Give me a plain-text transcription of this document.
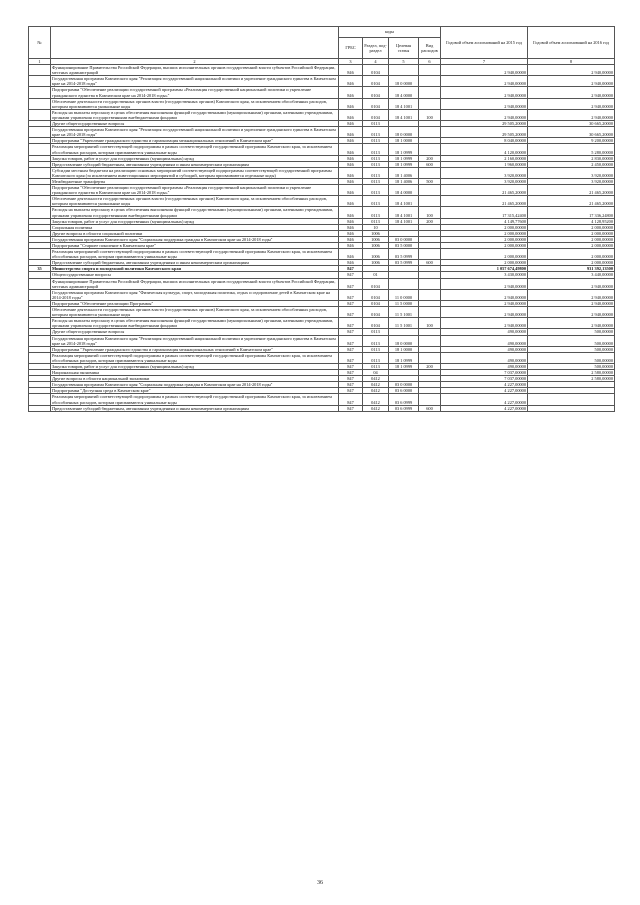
№		коды				Годовой объем ассигнований на 2015 год	Годовой объем ассигнований на 2016 год
		ГРБС	Раздел, под-раздел	Целевая статья	Вид расходов		
1	2	3	4	5	6	7	8
	Функционирование Правительства Российской Федерации, высших исполнительных органов государственной власти субъектов Российской Федерации, местных администраций	846	0104			2 940,00000	2 940,00000
	Государственная программа Камчатского края "Реализация государственной национальной политики и укрепление гражданского единства в Камчатском крае на 2014-2018 годы"	846	0104	18 0 0000		2 940,00000	2 940,00000
	Подпрограмма "Обеспечение реализации государственной программы «Реализация государственной национальной политики и укрепление гражданского единства в Камчатском крае на 2014-2018 годы»"	846	0104	18 4 0000		2 940,00000	2 940,00000
	Обеспечение деятельности государственных органов власти (государственных органов) Камчатского края, за исключением обособленных расходов, которым присваиваются уникальные коды	846	0104	18 4 1001		2 940,00000	2 940,00000
	Расходы на выплаты персоналу в целях обеспечения выполнения функций государственными (муниципальными) органами, казенными учреждениями, органами управления государственными внебюджетными фондами	846	0104	18 4 1001	100	2 940,00000	2 940,00000
	Другие общегосударственные вопросы	846	0113			29 505,20000	30 665,20000
	Государственная программа Камчатского края "Реализация государственной национальной политики и укрепление гражданского единства в Камчатском крае на 2014-2018 годы"	846	0113	18 0 0000		29 505,20000	30 665,20000
	Подпрограмма "Укрепление гражданского единства и гармонизация межнациональных отношений в Камчатском крае"	846	0113	18 1 0000		8 040,00000	9 200,00000
	Реализация мероприятий соответствующей подпрограммы в рамках соответствующей государственной программы Камчатского края, за исключением обособленных расходов, которым присваиваются уникальные коды	846	0113	18 1 0999		4 120,00000	5 280,00000
	Закупка товаров, работ и услуг для государственных (муниципальных) нужд	846	0113	18 1 0999	200	2 160,00000	2 830,00000
	Предоставление субсидий бюджетным, автономным учреждениям и иным некоммерческим организациям	846	0113	18 1 0999	600	1 960,00000	2 450,00000
	Субсидии местным бюджетам на реализацию основных мероприятий соответствующей подпрограммы соответствующей государственной программы Камчатского края (за исключением инвестиционных мероприятий и субсидий, которым присваиваются отдельные коды)	846	0113	18 1 4006		3 920,00000	3 920,00000
	Межбюджетные трансферты	846	0113	18 1 4006	500	3 920,00000	3 920,00000
	Подпрограмма "Обеспечение реализации государственной программы «Реализация государственной национальной политики и укрепление гражданского единства в Камчатском крае на 2014-2018 годы»"	846	0113	18 4 0000		21 465,20000	21 465,20000
	Обеспечение деятельности государственных органов власти (государственных органов) Камчатского края, за исключением обособленных расходов, которым присваиваются уникальные коды	846	0113	18 4 1001		21 465,20000	21 465,20000
	Расходы на выплаты персоналу в целях обеспечения выполнения функций государственными (муниципальными) органами, казенными учреждениями, органами управления государственными внебюджетными фондами	846	0113	18 4 1001	100	17 315,42400	17 336,24800
	Закупка товаров, работ и услуг для государственных (муниципальных) нужд	846	0113	18 4 1001	200	4 149,77600	4 128,95200
	Социальная политика	846	10			2 000,00000	2 000,00000
	Другие вопросы в области социальной политики	846	1006			2 000,00000	2 000,00000
	Государственная программа Камчатского края "Социальная поддержка граждан в Камчатском крае на 2014-2018 годы"	846	1006	03 0 0000		2 000,00000	2 000,00000
	Подпрограмма "Старшее поколение в Камчатском крае"	846	1006	03 5 0000		2 000,00000	2 000,00000
	Реализация мероприятий соответствующей подпрограммы в рамках соответствующей государственной программы Камчатского края, за исключением обособленных расходов, которым присваиваются уникальные коды	846	1006	03 5 0999		2 000,00000	2 000,00000
	Предоставление субсидий бюджетным, автономным учреждениям и иным некоммерческим организациям	846	1006	03 5 0999	600	2 000,00000	2 000,00000
35	Министерство спорта и молодежной политики Камчатского края	847				1 057 674,49800	931 392,13500
	Общегосударственные вопросы	847	01			3 430,00000	3 440,00000
	Функционирование Правительства Российской Федерации, высших исполнительных органов государственной власти субъектов Российской Федерации, местных администраций	847	0104			2 940,00000	2 940,00000
	Государственная программа Камчатского края "Физическая культура, спорт, молодежная политика, отдых и оздоровление детей в Камчатском крае на 2014-2018 годы"	847	0104	11 0 0000		2 940,00000	2 940,00000
	Подпрограмма "Обеспечение реализации Программы"	847	0104	11 5 0000		2 940,00000	2 940,00000
	Обеспечение деятельности государственных органов власти (государственных органов) Камчатского края, за исключением обособленных расходов, которым присваиваются уникальные коды	847	0104	11 5 1001		2 940,00000	2 940,00000
	Расходы на выплаты персоналу в целях обеспечения выполнения функций государственными (муниципальными) органами, казенными учреждениями, органами управления государственными внебюджетными фондами	847	0104	11 5 1001	100	2 940,00000	2 940,00000
	Другие общегосударственные вопросы	847	0113			490,00000	500,00000
	Государственная программа Камчатского края "Реализация государственной национальной политики и укрепление гражданского единства в Камчатском крае на 2014-2018 годы"	847	0113	18 0 0000		490,00000	500,00000
	Подпрограмма "Укрепление гражданского единства и гармонизация межнациональных отношений в Камчатском крае"	847	0113	18 1 0000		490,00000	500,00000
	Реализация мероприятий соответствующей подпрограммы в рамках соответствующей государственной программы Камчатского края, за исключением обособленных расходов, которым присваиваются уникальные коды	847	0113	18 1 0999		490,00000	500,00000
	Закупка товаров, работ и услуг для государственных (муниципальных) нужд	847	0113	18 1 0999	200	490,00000	500,00000
	Национальная экономика	847	04			7 037,00000	2 580,00000
	Другие вопросы в области национальной экономики	847	0412			7 037,00000	2 580,00000
	Государственная программа Камчатского края "Социальная поддержка граждан в Камчатском крае на 2014-2018 годы"	847	0412	03 0 0000		4 227,00000	
	Подпрограмма "Доступная среда в Камчатском крае"	847	0412	03 6 0000		4 227,00000	
	Реализация мероприятий соответствующей подпрограммы в рамках соответствующей государственной программы Камчатского края, за исключением обособленных расходов, которым присваиваются уникальные коды	847	0412	03 6 0999		4 227,00000	
	Предоставление субсидий бюджетным, автономным учреждениям и иным некоммерческим организациям	847	0412	03 6 0999	600	4 227,00000	
36
